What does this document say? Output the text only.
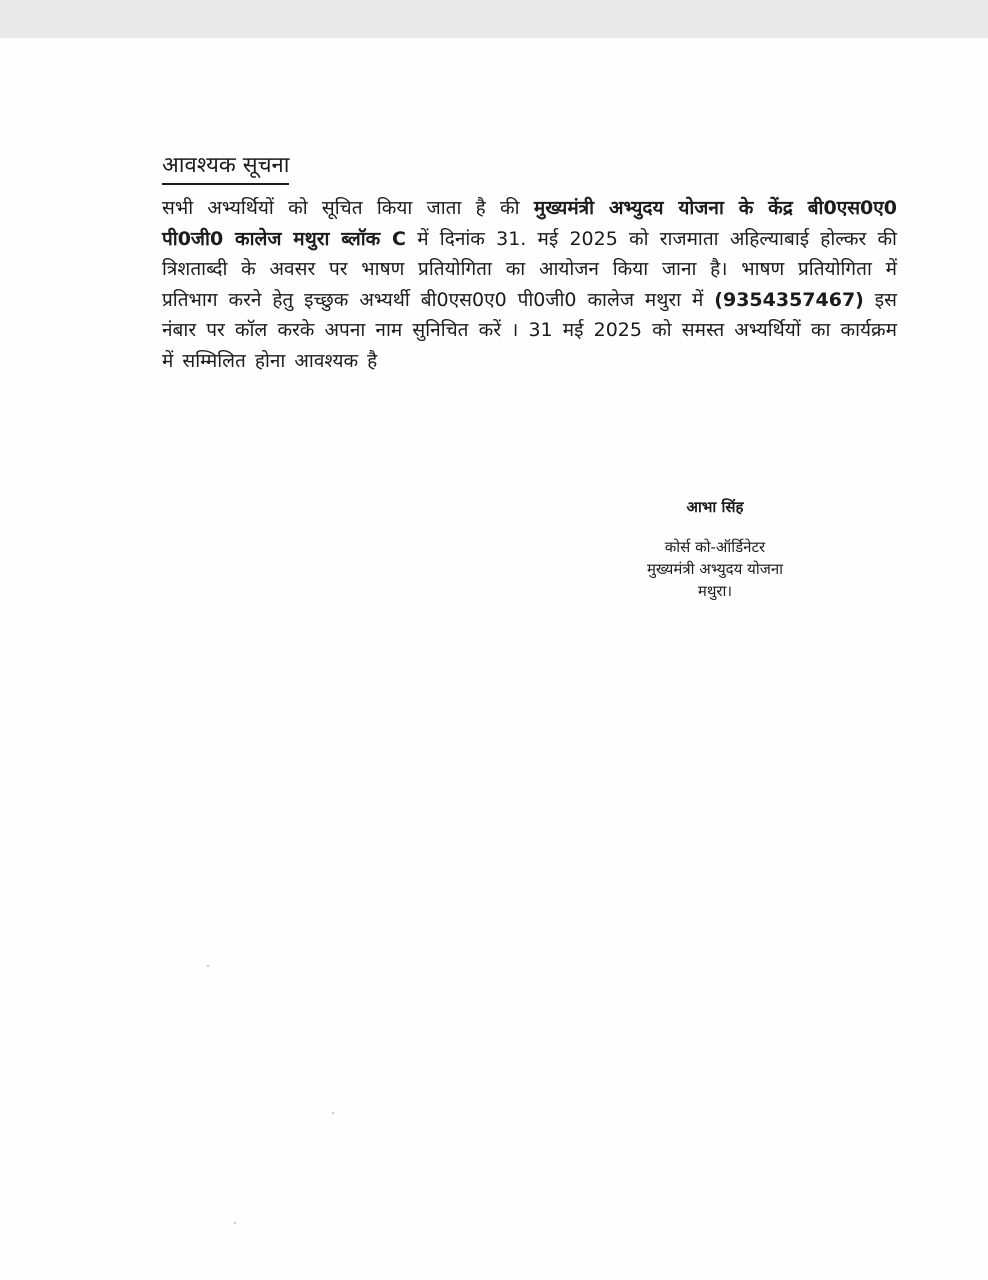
आवश्यक सूचना
सभी अभ्यर्थियों को सूचित किया जाता है की मुख्यमंत्री अभ्युदय योजना के केंद्र बी0एस0ए0 पी0जी0 कालेज मथुरा ब्लॉक C में दिनांक 31. मई 2025 को राजमाता अहिल्याबाई होल्कर की त्रिशताब्दी के अवसर पर भाषण प्रतियोगिता का आयोजन किया जाना है। भाषण प्रतियोगिता में प्रतिभाग करने हेतु इच्छुक अभ्यर्थी बी0एस0ए0 पी0जी0 कालेज मथुरा में (9354357467) इस नंबार पर कॉल करके अपना नाम सुनिचित करें । 31 मई 2025 को समस्त अभ्यर्थियों का कार्यक्रम में सम्मिलित होना आवश्यक है
आभा सिंह
कोर्स को-ऑर्डिनेटर
मुख्यमंत्री अभ्युदय योजना
मथुरा।
